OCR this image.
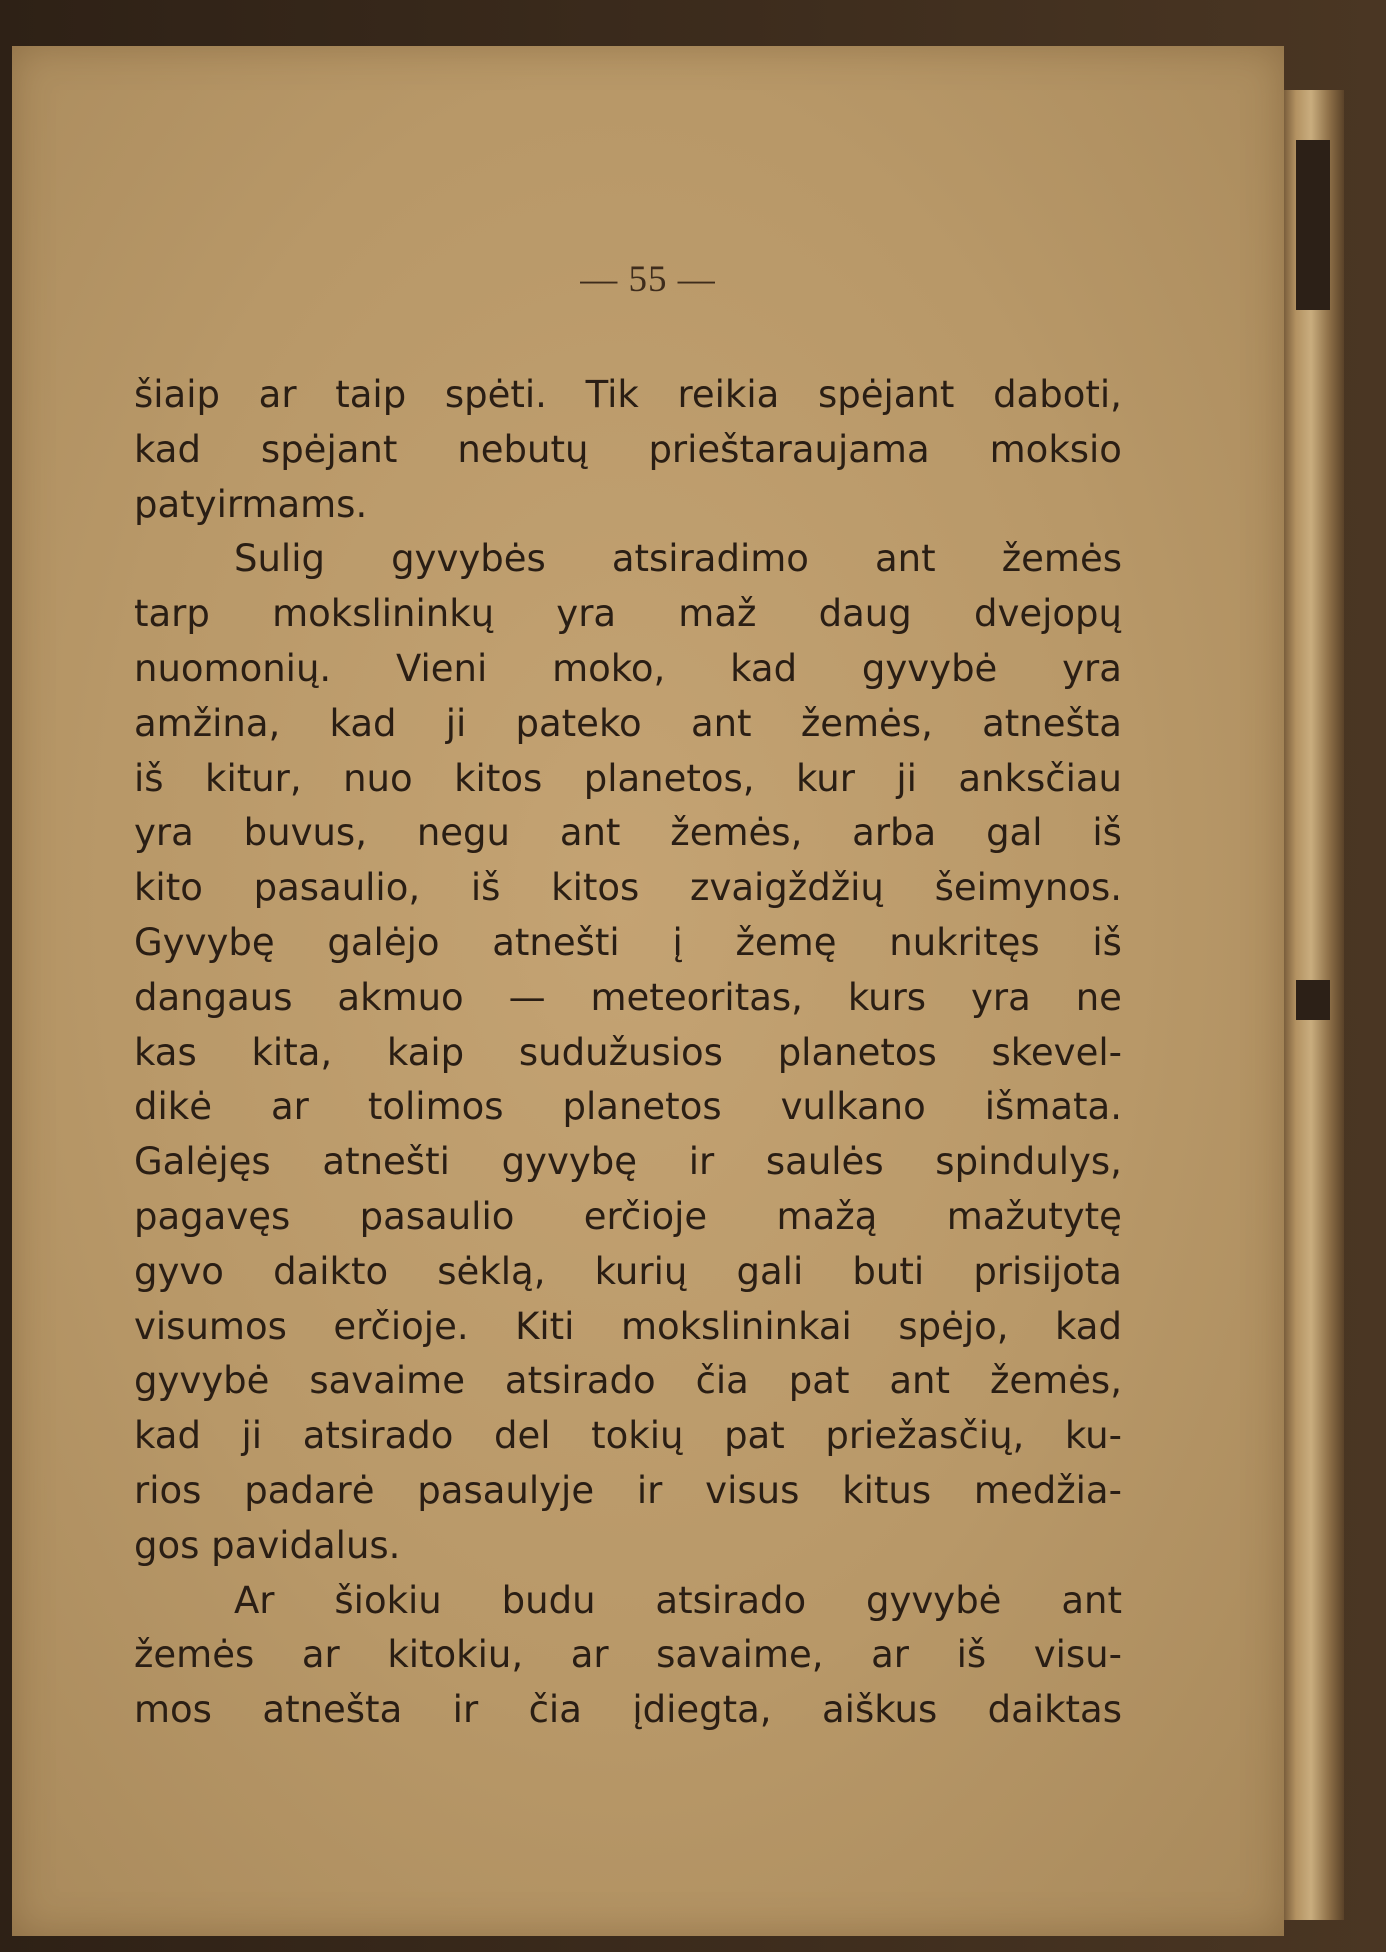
— 55 —

šiaip ar taip spėti. Tik reikia spėjant daboti,
kad spėjant nebutų prieštaraujama moksio
patyirmams.
Sulig gyvybės atsiradimo ant žemės
tarp mokslininkų yra maž daug dvejopų
nuomonių. Vieni moko, kad gyvybė yra
amžina, kad ji pateko ant žemės, atnešta
iš kitur, nuo kitos planetos, kur ji anksčiau
yra buvus, negu ant žemės, arba gal iš
kito pasaulio, iš kitos zvaigždžių šeimynos.
Gyvybę galėjo atnešti į žemę nukritęs iš
dangaus akmuo — meteoritas, kurs yra ne
kas kita, kaip sudužusios planetos skevel-
dikė ar tolimos planetos vulkano išmata.
Galėjęs atnešti gyvybę ir saulės spindulys,
pagavęs pasaulio erčioje mažą mažutytę
gyvo daikto sėklą, kurių gali buti prisijota
visumos erčioje. Kiti mokslininkai spėjo, kad
gyvybė savaime atsirado čia pat ant žemės,
kad ji atsirado del tokių pat priežasčių, ku-
rios padarė pasaulyje ir visus kitus medžia-
gos pavidalus.
Ar šiokiu budu atsirado gyvybė ant
žemės ar kitokiu, ar savaime, ar iš visu-
mos atnešta ir čia įdiegta, aiškus daiktas
